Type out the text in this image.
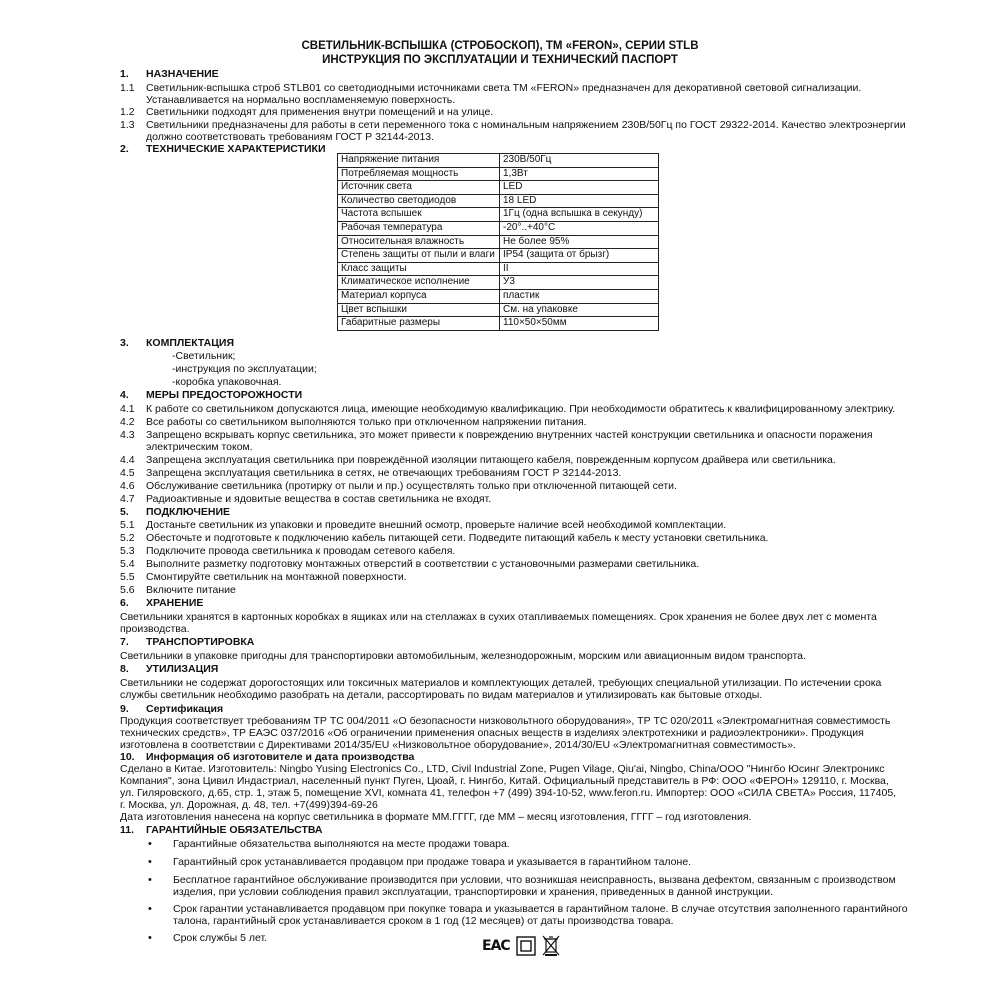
СВЕТИЛЬНИК-ВСПЫШКА (СТРОБОСКОП), ТМ «FERON», СЕРИИ STLB
ИНСТРУКЦИЯ ПО ЭКСПЛУАТАЦИИ И ТЕХНИЧЕСКИЙ ПАСПОРТ
1. НАЗНАЧЕНИЕ
1.1 Светильник-вспышка строб STLB01 со светодиодными источниками света ТМ «FERON» предназначен для декоративной световой сигнализации.
Устанавливается на нормально воспламеняемую поверхность.
1.2 Светильники подходят для применения внутри помещений и на улице.
1.3 Светильники предназначены для работы в сети переменного тока с номинальным напряжением 230В/50Гц по ГОСТ 29322-2014. Качество электроэнергии
должно соответствовать требованиям ГОСТ Р 32144-2013.
2. ТЕХНИЧЕСКИЕ ХАРАКТЕРИСТИКИ
Напряжение питания	230В/50Гц
Потребляемая мощность	1,3Вт
Источник света	LED
Количество светодиодов	18 LED
Частота вспышек	1Гц (одна вспышка в секунду)
Рабочая температура	-20°..+40°С
Относительная влажность	Не более 95%
Степень защиты от пыли и влаги	IP54 (защита от брызг)
Класс защиты	II
Климатическое исполнение	У3
Материал корпуса	пластик
Цвет вспышки	См. на упаковке
Габаритные размеры	110×50×50мм
3. КОМПЛЕКТАЦИЯ
-Светильник;
-инструкция по эксплуатации;
-коробка упаковочная.
4. МЕРЫ ПРЕДОСТОРОЖНОСТИ
4.1 К работе со светильником допускаются лица, имеющие необходимую квалификацию. При необходимости обратитесь к квалифицированному электрику.
4.2 Все работы со светильником выполняются только при отключенном напряжении питания.
4.3 Запрещено вскрывать корпус светильника, это может привести к повреждению внутренних частей конструкции светильника и опасности поражения
электрическим током.
4.4 Запрещена эксплуатация светильника при повреждённой изоляции питающего кабеля, поврежденным корпусом драйвера или светильника.
4.5 Запрещена эксплуатация светильника в сетях, не отвечающих требованиям ГОСТ Р 32144-2013.
4.6 Обслуживание светильника (протирку от пыли и пр.) осуществлять только при отключенной питающей сети.
4.7 Радиоактивные и ядовитые вещества в состав светильника не входят.
5. ПОДКЛЮЧЕНИЕ
5.1 Достаньте светильник из упаковки и проведите внешний осмотр, проверьте наличие всей необходимой комплектации.
5.2 Обесточьте и подготовьте к подключению кабель питающей сети. Подведите питающий кабель к месту установки светильника.
5.3 Подключите провода светильника к проводам сетевого кабеля.
5.4 Выполните разметку подготовку монтажных отверстий в соответствии с установочными размерами светильника.
5.5 Смонтируйте светильник на монтажной поверхности.
5.6 Включите питание
6. ХРАНЕНИЕ
Светильники хранятся в картонных коробках в ящиках или на стеллажах в сухих отапливаемых помещениях. Срок хранения не более двух лет с момента
производства.
7. ТРАНСПОРТИРОВКА
Светильники в упаковке пригодны для транспортировки автомобильным, железнодорожным, морским или авиационным видом транспорта.
8. УТИЛИЗАЦИЯ
Светильники не содержат дорогостоящих или токсичных материалов и комплектующих деталей, требующих специальной утилизации. По истечении срока
службы светильник необходимо разобрать на детали, рассортировать по видам материалов и утилизировать как бытовые отходы.
9. Сертификация
Продукция соответствует требованиям ТР ТС 004/2011 «О безопасности низковольтного оборудования», ТР ТС 020/2011 «Электромагнитная совместимость
технических средств», ТР ЕАЭС 037/2016 «Об ограничении применения опасных веществ в изделиях электротехники и радиоэлектроники». Продукция
изготовлена в соответствии с Директивами 2014/35/EU «Низковольтное оборудование», 2014/30/EU «Электромагнитная совместимость».
10. Информация об изготовителе и дата производства
Сделано в Китае. Изготовитель: Ningbo Yusing Electronics Co., LTD, Civil Industrial Zone, Pugen Vilage, Qiu'ai, Ningbo, China/ООО "Нингбо Юсинг Электроникс
Компания", зона Цивил Индастриал, населенный пункт Пуген, Цюай, г. Нингбо, Китай. Официальный представитель в РФ: ООО «ФЕРОН» 129110, г. Москва,
ул. Гиляровского, д.65, стр. 1, этаж 5, помещение XVI, комната 41, телефон +7 (499) 394-10-52, www.feron.ru. Импортер: ООО «СИЛА СВЕТА» Россия, 117405,
г. Москва, ул. Дорожная, д. 48, тел. +7(499)394-69-26
Дата изготовления нанесена на корпус светильника в формате ММ.ГГГГ, где ММ – месяц изготовления, ГГГГ – год изготовления.
11. ГАРАНТИЙНЫЕ ОБЯЗАТЕЛЬСТВА
• Гарантийные обязательства выполняются на месте продажи товара.
• Гарантийный срок устанавливается продавцом при продаже товара и указывается в гарантийном талоне.
• Бесплатное гарантийное обслуживание производится при условии, что возникшая неисправность, вызвана дефектом, связанным с производством
изделия, при условии соблюдения правил эксплуатации, транспортировки и хранения, приведенных в данной инструкции.
• Срок гарантии устанавливается продавцом при покупке товара и указывается в гарантийном талоне. В случае отсутствия заполненного гарантийного
талона, гарантийный срок устанавливается сроком в 1 год (12 месяцев) от даты производства товара.
• Срок службы 5 лет.	ЕАС
